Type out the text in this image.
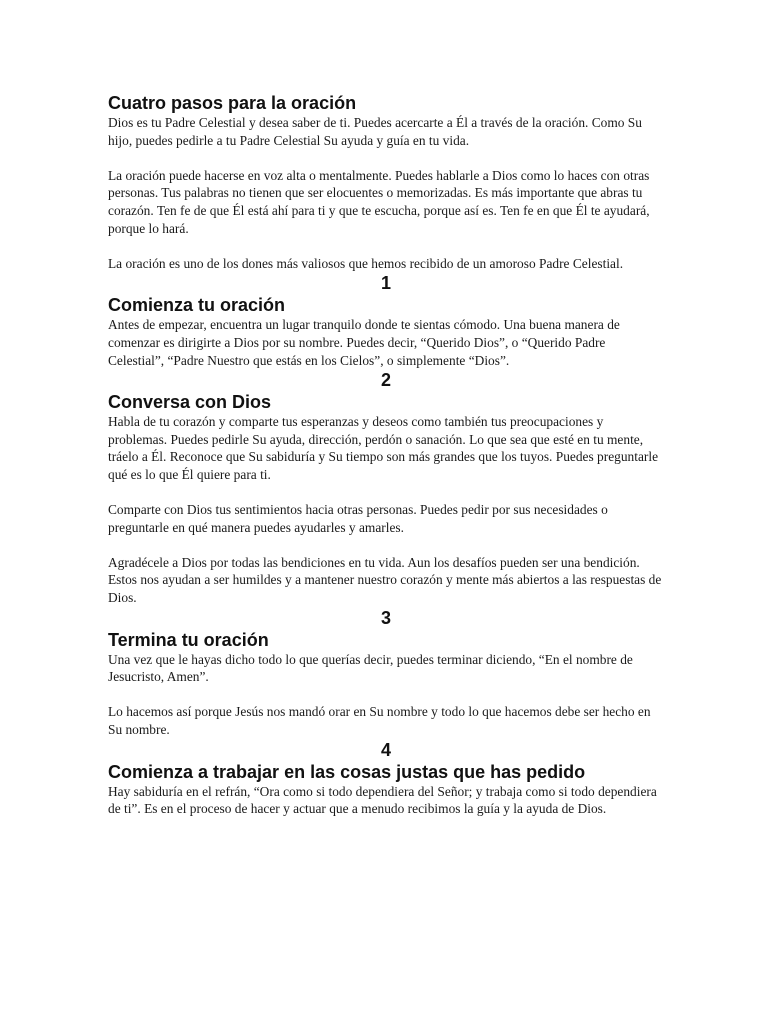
Cuatro pasos para la oración

Dios es tu Padre Celestial y desea saber de ti. Puedes acercarte a Él a través de la oración. Como Su hijo, puedes pedirle a tu Padre Celestial Su ayuda y guía en tu vida.

La oración puede hacerse en voz alta o mentalmente. Puedes hablarle a Dios como lo haces con otras personas. Tus palabras no tienen que ser elocuentes o memorizadas. Es más importante que abras tu corazón. Ten fe de que Él está ahí para ti y que te escucha, porque así es. Ten fe en que Él te ayudará, porque lo hará.

La oración es uno de los dones más valiosos que hemos recibido de un amoroso Padre Celestial.

1
Comienza tu oración

Antes de empezar, encuentra un lugar tranquilo donde te sientas cómodo. Una buena manera de comenzar es dirigirte a Dios por su nombre. Puedes decir, “Querido Dios”, o “Querido Padre Celestial”, “Padre Nuestro que estás en los Cielos”, o simplemente “Dios”.

2
Conversa con Dios

Habla de tu corazón y comparte tus esperanzas y deseos como también tus preocupaciones y problemas. Puedes pedirle Su ayuda, dirección, perdón o sanación. Lo que sea que esté en tu mente, tráelo a Él. Reconoce que Su sabiduría y Su tiempo son más grandes que los tuyos. Puedes preguntarle qué es lo que Él quiere para ti.

Comparte con Dios tus sentimientos hacia otras personas. Puedes pedir por sus necesidades o preguntarle en qué manera puedes ayudarles y amarles.

Agradécele a Dios por todas las bendiciones en tu vida. Aun los desafíos pueden ser una bendición. Estos nos ayudan a ser humildes y a mantener nuestro corazón y mente más abiertos a las respuestas de Dios.

3
Termina tu oración

Una vez que le hayas dicho todo lo que querías decir, puedes terminar diciendo, “En el nombre de Jesucristo, Amen”.

Lo hacemos así porque Jesús nos mandó orar en Su nombre y todo lo que hacemos debe ser hecho en Su nombre.

4
Comienza a trabajar en las cosas justas que has pedido

Hay sabiduría en el refrán, “Ora como si todo dependiera del Señor; y trabaja como si todo dependiera de ti”. Es en el proceso de hacer y actuar que a menudo recibimos la guía y la ayuda de Dios.
